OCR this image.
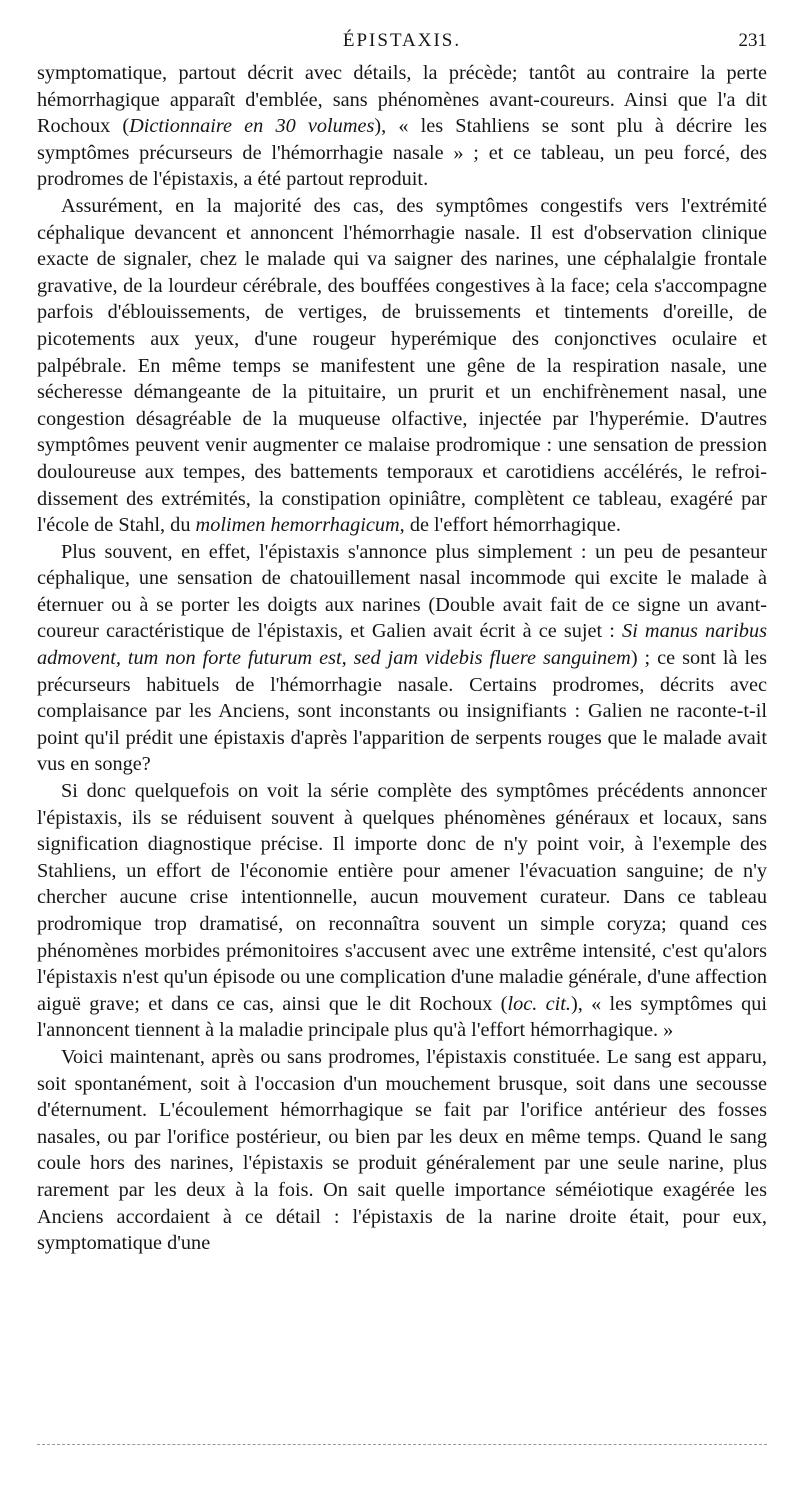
ÉPISTAXIS.	231

symptomatique, partout décrit avec détails, la précède; tantôt au contraire la perte hémorrhagique apparaît d'emblée, sans phénomènes avant-coureurs. Ainsi que l'a dit Rochoux (Dictionnaire en 30 volumes), « les Stahliens se sont plu à décrire les symptômes précurseurs de l'hémorrhagie nasale » ; et ce tableau, un peu forcé, des prodromes de l'épistaxis, a été partout reproduit.

Assurément, en la majorité des cas, des symptômes congestifs vers l'extrémité céphalique devancent et annoncent l'hémorrhagie nasale. Il est d'observation clinique exacte de signaler, chez le malade qui va saigner des narines, une céphalalgie frontale gravative, de la lourdeur cérébrale, des bouffées congestives à la face; cela s'accompagne parfois d'éblouissements, de vertiges, de bruissements et tintements d'oreille, de picotements aux yeux, d'une rougeur hyperémique des conjonctives oculaire et palpébrale. En même temps se manifestent une gêne de la respiration nasale, une sécheresse démangeante de la pituitaire, un prurit et un enchifrènement nasal, une congestion désagréable de la muqueuse olfactive, injectée par l'hyperémie. D'autres symptômes peuvent venir augmenter ce malaise prodromique : une sensation de pression douloureuse aux tempes, des battements temporaux et carotidiens accélérés, le refroidissement des extrémités, la constipation opiniâtre, complètent ce tableau, exagéré par l'école de Stahl, du molimen hemorrhagicum, de l'effort hémorrhagique.

Plus souvent, en effet, l'épistaxis s'annonce plus simplement : un peu de pesanteur céphalique, une sensation de chatouillement nasal incommode qui excite le malade à éternuer ou à se porter les doigts aux narines (Double avait fait de ce signe un avant-coureur caractéristique de l'épistaxis, et Galien avait écrit à ce sujet : Si manus naribus admovent, tum non forte futurum est, sed jam videbis fluere sanguinem) ; ce sont là les précurseurs habituels de l'hémorrhagie nasale. Certains prodromes, décrits avec complaisance par les Anciens, sont inconstants ou insignifiants : Galien ne raconte-t-il point qu'il prédit une épistaxis d'après l'apparition de serpents rouges que le malade avait vus en songe?

Si donc quelquefois on voit la série complète des symptômes précédents annoncer l'épistaxis, ils se réduisent souvent à quelques phénomènes généraux et locaux, sans signification diagnostique précise. Il importe donc de n'y point voir, à l'exemple des Stahliens, un effort de l'économie entière pour amener l'évacuation sanguine; de n'y chercher aucune crise intentionnelle, aucun mouvement curateur. Dans ce tableau prodromique trop dramatisé, on reconnaîtra souvent un simple coryza; quand ces phénomènes morbides prémonitoires s'accusent avec une extrême intensité, c'est qu'alors l'épistaxis n'est qu'un épisode ou une complication d'une maladie générale, d'une affection aiguë grave; et dans ce cas, ainsi que le dit Rochoux (loc. cit.), « les symptômes qui l'annoncent tiennent à la maladie principale plus qu'à l'effort hémorrhagique. »

Voici maintenant, après ou sans prodromes, l'épistaxis constituée. Le sang est apparu, soit spontanément, soit à l'occasion d'un mouchement brusque, soit dans une secousse d'éternument. L'écoulement hémorrhagique se fait par l'orifice antérieur des fosses nasales, ou par l'orifice postérieur, ou bien par les deux en même temps. Quand le sang coule hors des narines, l'épistaxis se produit généralement par une seule narine, plus rarement par les deux à la fois. On sait quelle importance séméiotique exagérée les Anciens accordaient à ce détail : l'épistaxis de la narine droite était, pour eux, symptomatique d'une
